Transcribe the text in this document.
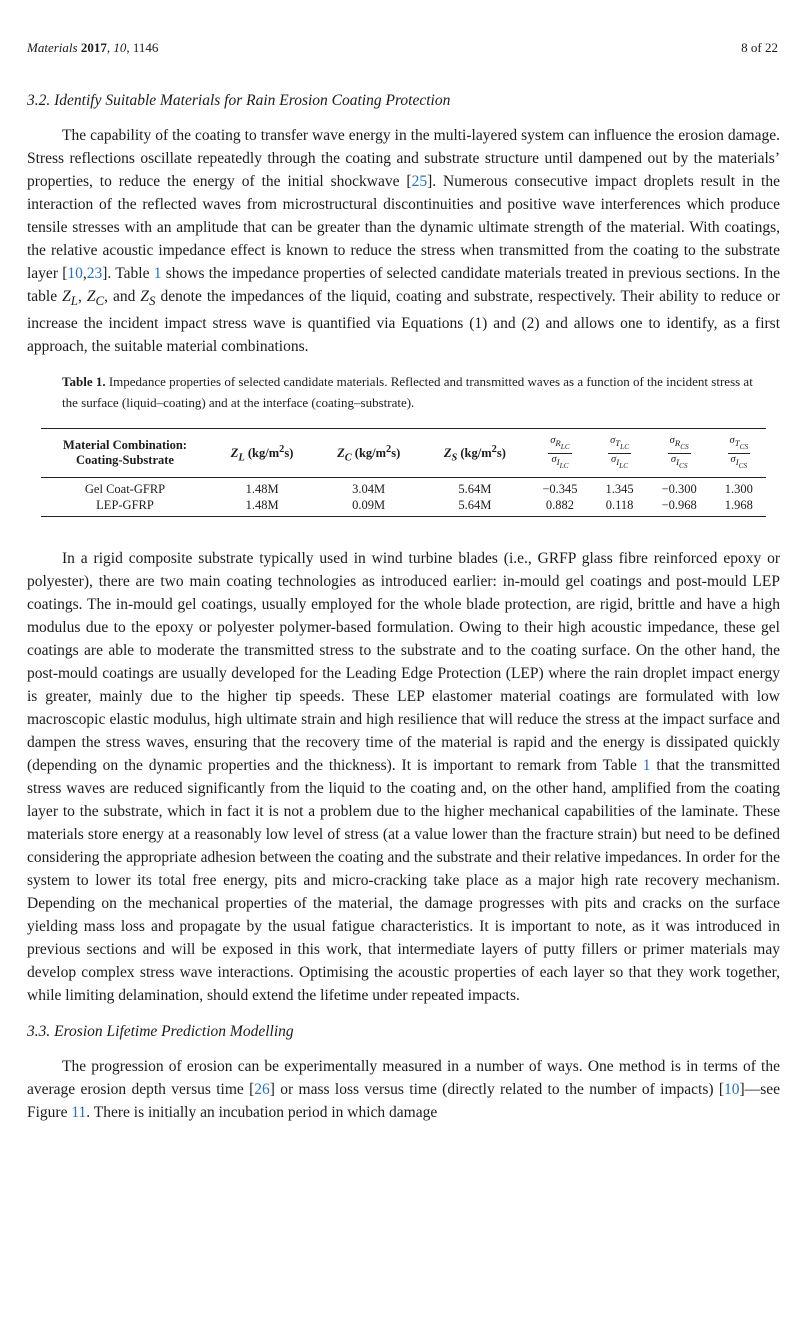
Materials 2017, 10, 1146	8 of 22
3.2. Identify Suitable Materials for Rain Erosion Coating Protection

The capability of the coating to transfer wave energy in the multi-layered system can influence the erosion damage. Stress reflections oscillate repeatedly through the coating and substrate structure until dampened out by the materials’ properties, to reduce the energy of the initial shockwave [25]. Numerous consecutive impact droplets result in the interaction of the reflected waves from microstructural discontinuities and positive wave interferences which produce tensile stresses with an amplitude that can be greater than the dynamic ultimate strength of the material. With coatings, the relative acoustic impedance effect is known to reduce the stress when transmitted from the coating to the substrate layer [10,23]. Table 1 shows the impedance properties of selected candidate materials treated in previous sections. In the table $Z_L$, $Z_C$, and $Z_S$ denote the impedances of the liquid, coating and substrate, respectively. Their ability to reduce or increase the incident impact stress wave is quantified via Equations (1) and (2) and allows one to identify, as a first approach, the suitable material combinations.

Table 1. Impedance properties of selected candidate materials. Reflected and transmitted waves as a function of the incident stress at the surface (liquid–coating) and at the interface (coating–substrate).
Material Combination:
Coating-Substrate	$Z_L$ $(kg/m^2s)$	$Z_C$ $(kg/m^2s)$	$Z_S$ $(kg/m^2s)$	$\frac{\sigma_{R_{LC}}}{\sigma_{I_{LC}}}$	$\frac{\sigma_{T_{LC}}}{\sigma_{I_{LC}}}$	$\frac{\sigma_{R_{CS}}}{\sigma_{I_{CS}}}$	$\frac{\sigma_{T_{CS}}}{\sigma_{I_{CS}}}$

Gel Coat-GFRP	1.48M	3.04M	5.64M	−0.345	1.345	−0.300	1.300
LEP-GFRP	1.48M	0.09M	5.64M	0.882	0.118	−0.968	1.968

In a rigid composite substrate typically used in wind turbine blades (i.e., GRFP glass fibre reinforced epoxy or polyester), there are two main coating technologies as introduced earlier: in-mould gel coatings and post-mould LEP coatings. The in-mould gel coatings, usually employed for the whole blade protection, are rigid, brittle and have a high modulus due to the epoxy or polyester polymer-based formulation. Owing to their high acoustic impedance, these gel coatings are able to moderate the transmitted stress to the substrate and to the coating surface. On the other hand, the post-mould coatings are usually developed for the Leading Edge Protection (LEP) where the rain droplet impact energy is greater, mainly due to the higher tip speeds. These LEP elastomer material coatings are formulated with low macroscopic elastic modulus, high ultimate strain and high resilience that will reduce the stress at the impact surface and dampen the stress waves, ensuring that the recovery time of the material is rapid and the energy is dissipated quickly (depending on the dynamic properties and the thickness). It is important to remark from Table 1 that the transmitted stress waves are reduced significantly from the liquid to the coating and, on the other hand, amplified from the coating layer to the substrate, which in fact it is not a problem due to the higher mechanical capabilities of the laminate. These materials store energy at a reasonably low level of stress (at a value lower than the fracture strain) but need to be defined considering the appropriate adhesion between the coating and the substrate and their relative impedances. In order for the system to lower its total free energy, pits and micro-cracking take place as a major high rate recovery mechanism. Depending on the mechanical properties of the material, the damage progresses with pits and cracks on the surface yielding mass loss and propagate by the usual fatigue characteristics. It is important to note, as it was introduced in previous sections and will be exposed in this work, that intermediate layers of putty fillers or primer materials may develop complex stress wave interactions. Optimising the acoustic properties of each layer so that they work together, while limiting delamination, should extend the lifetime under repeated impacts.

3.3. Erosion Lifetime Prediction Modelling

The progression of erosion can be experimentally measured in a number of ways. One method is in terms of the average erosion depth versus time [26] or mass loss versus time (directly related to the number of impacts) [10]—see Figure 11. There is initially an incubation period in which damage
